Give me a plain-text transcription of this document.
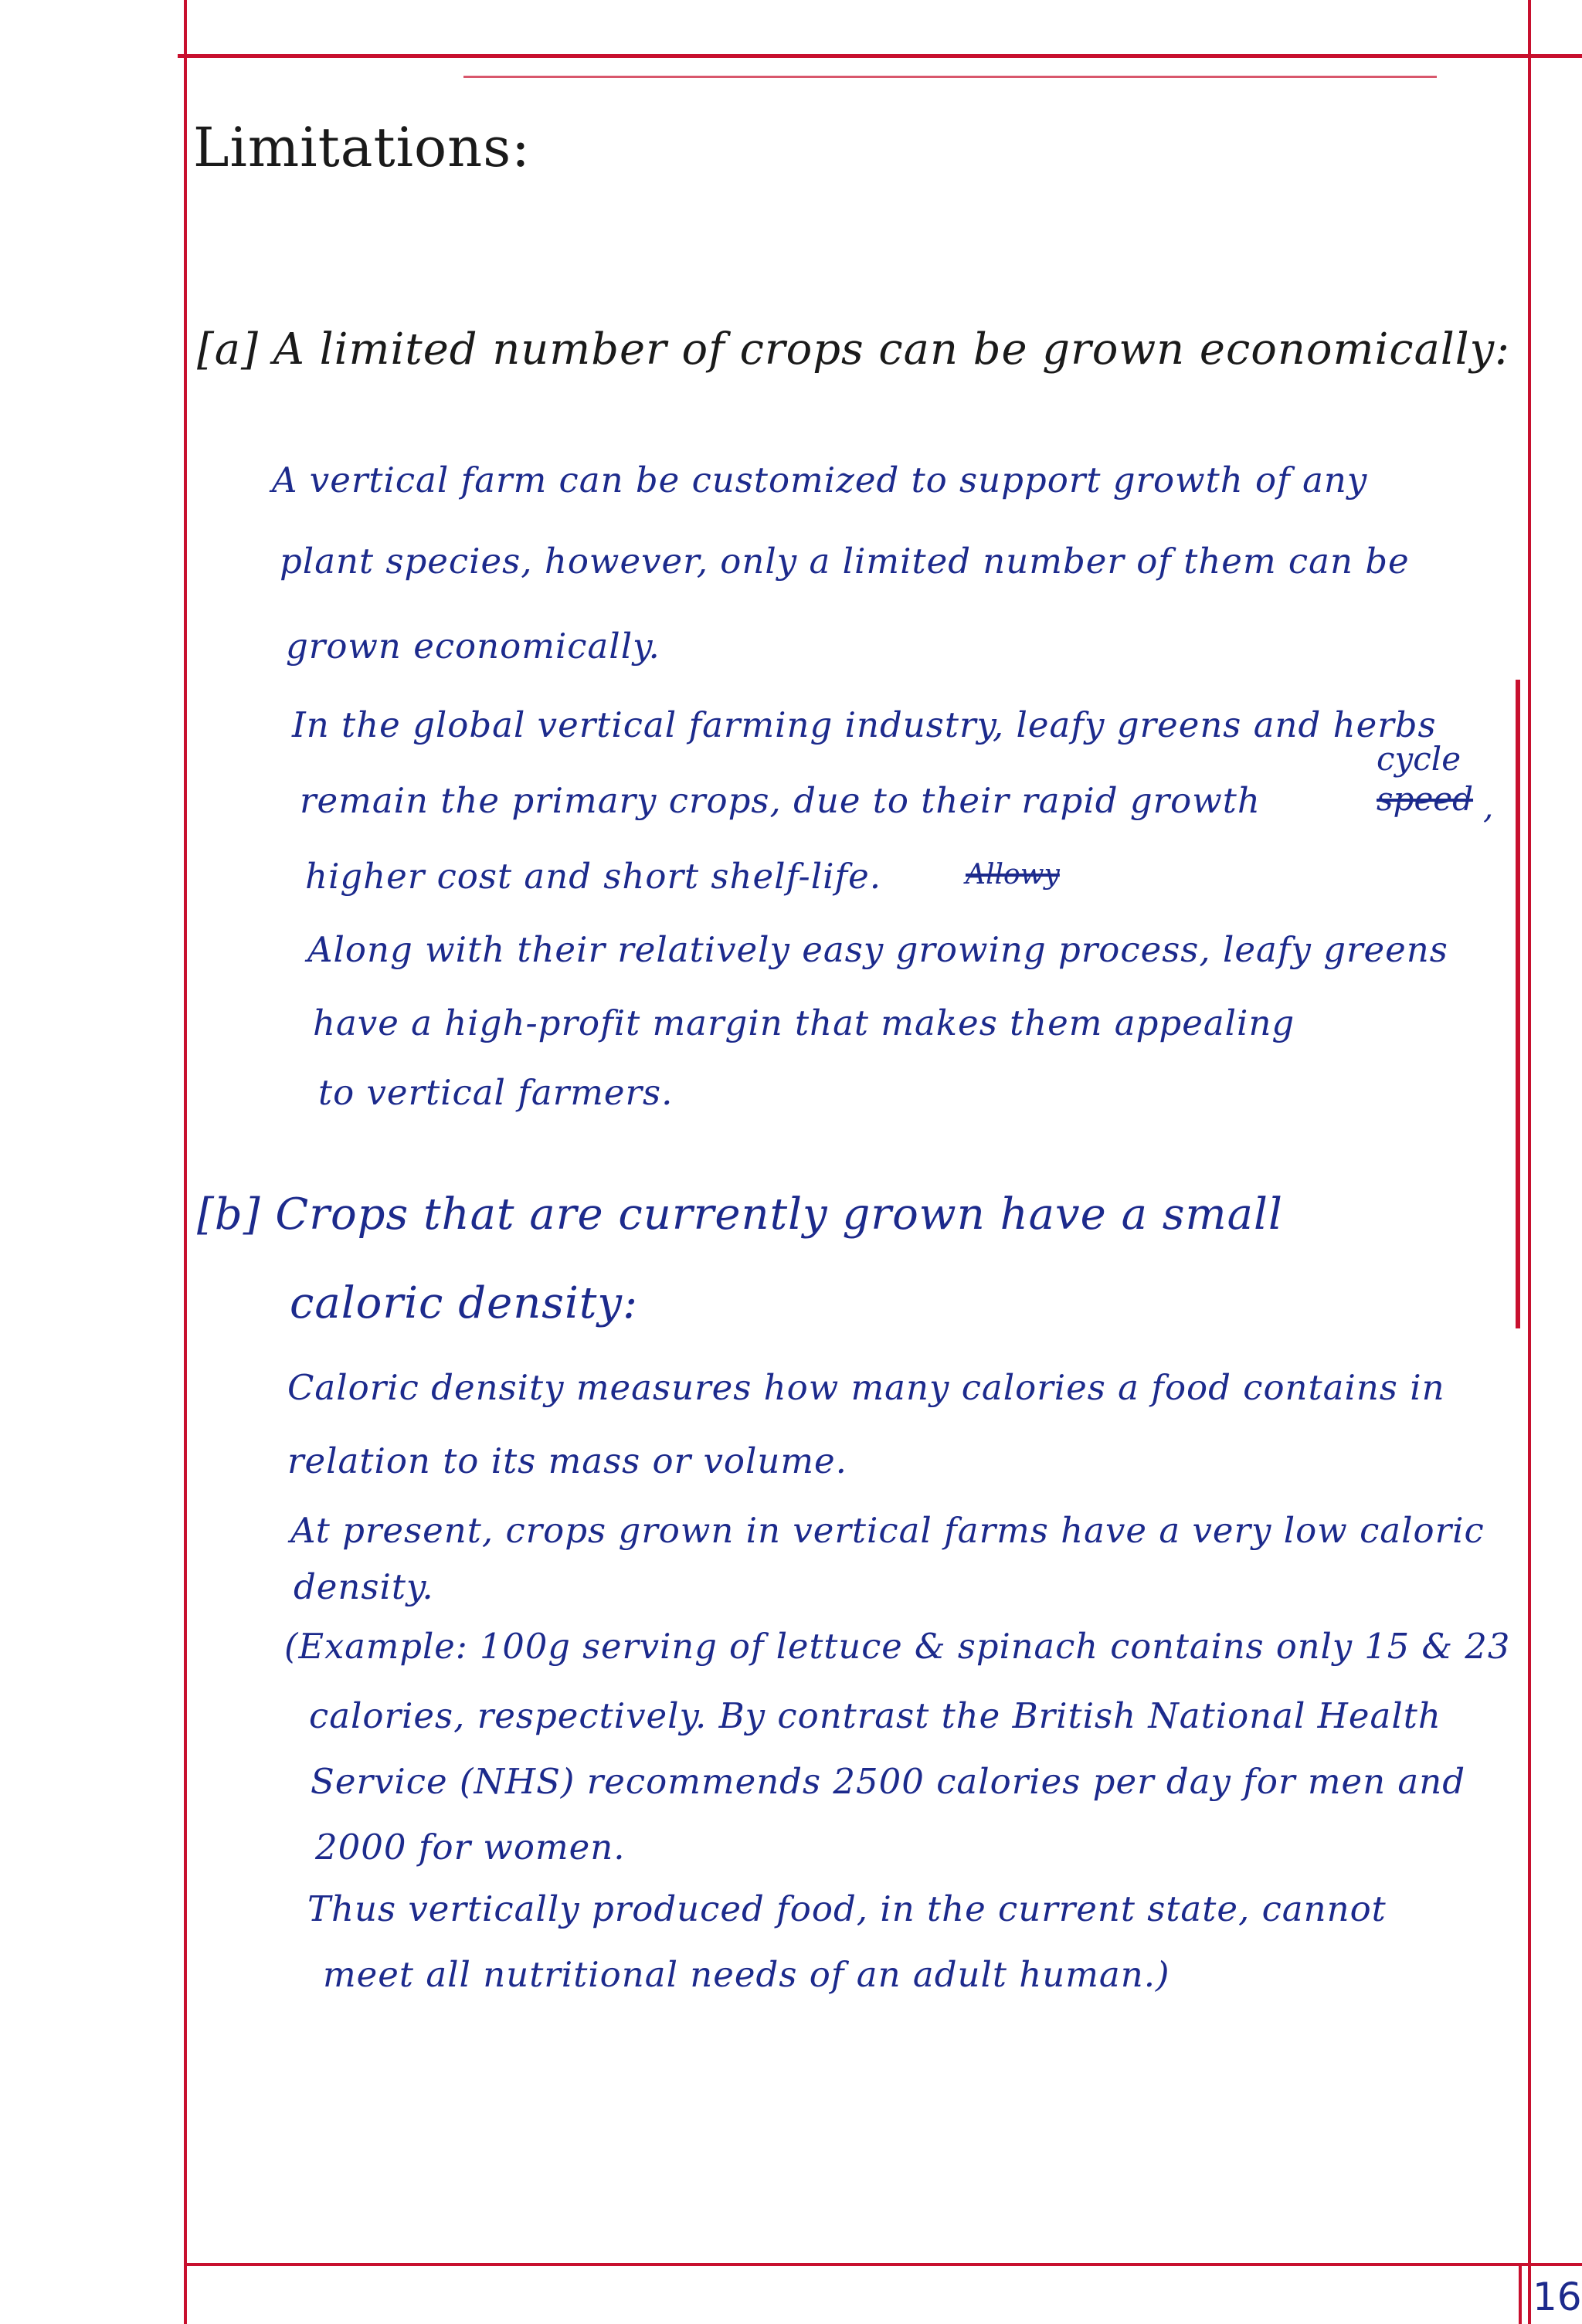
Limitations:
[a] A limited number of crops can be grown economically:
A vertical farm can be customized to support growth of any
plant species, however, only a limited number of them can be
grown economically.
In the global vertical farming industry, leafy greens and herbs
remain the primary crops, due to their rapid growth
cycle
speed ,
higher cost and short shelf-life.	Allowy
Along with their relatively easy growing process, leafy greens
have a high-profit margin that makes them appealing
to vertical farmers.
[b] Crops that are currently grown have a small
caloric density:
Caloric density measures how many calories a food contains in
relation to its mass or volume.
At present, crops grown in vertical farms have a very low caloric
density.
(Example: 100g serving of lettuce & spinach contains only 15 & 23
calories, respectively. By contrast the British National Health
Service (NHS) recommends 2500 calories per day for men and
2000 for women.
Thus vertically produced food, in the current state, cannot
meet all nutritional needs of an adult human.)
16
